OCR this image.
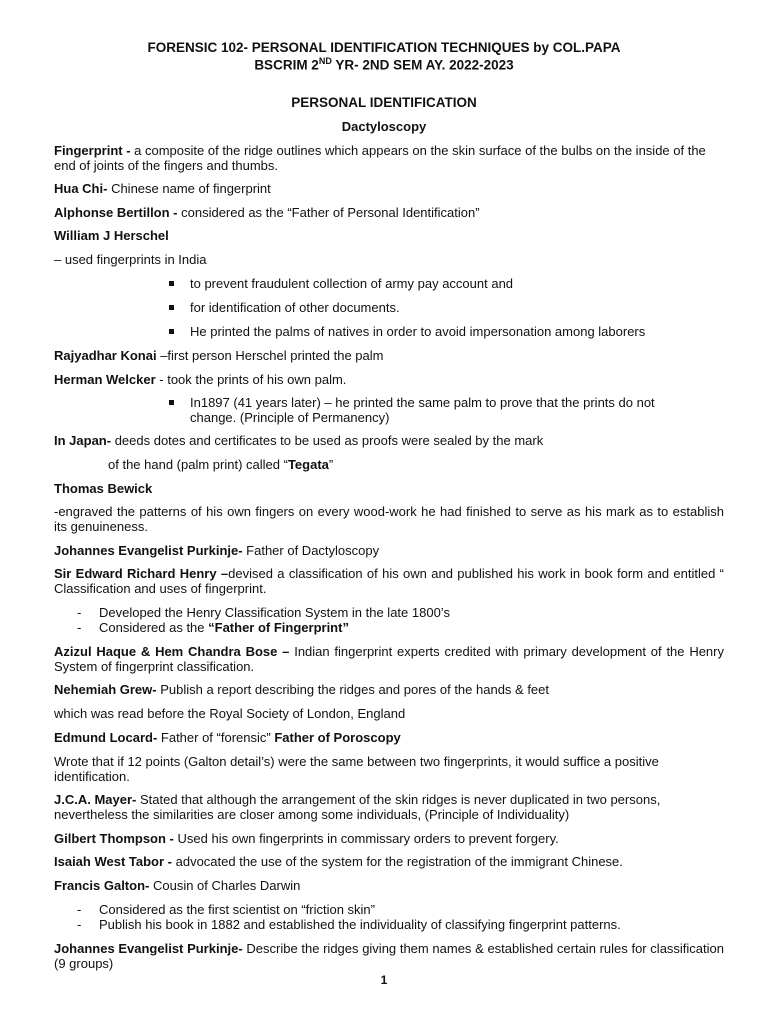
FORENSIC 102- PERSONAL IDENTIFICATION TECHNIQUES by COL.PAPA
BSCRIM 2ND YR- 2ND SEM AY. 2022-2023
PERSONAL IDENTIFICATION
Dactyloscopy
Fingerprint - a composite of the ridge outlines which appears on the skin surface of the bulbs on the inside of the end of joints of the fingers and thumbs.
Hua Chi- Chinese name of fingerprint
Alphonse Bertillon - considered as the “Father of Personal Identification”
William J Herschel
– used fingerprints in India
to prevent fraudulent collection of army pay account and
for identification of other documents.
He printed the palms of natives in order to avoid impersonation among laborers
Rajyadhar Konai –first person Herschel printed the palm
Herman Welcker - took the prints of his own palm.
In1897 (41 years later) – he printed the same palm to prove that the prints do not
change. (Principle of Permanency)
In Japan- deeds dotes and certificates to be used as proofs were sealed by the mark
of the hand (palm print) called “Tegata”
Thomas Bewick
-engraved the patterns of his own fingers on every wood-work he had finished to serve as his mark as to establish its genuineness.
Johannes Evangelist Purkinje- Father of Dactyloscopy
Sir Edward Richard Henry –devised a classification of his own and published his work in book form and entitled “ Classification and uses of fingerprint.
- Developed the Henry Classification System in the late 1800’s
- Considered as the “Father of Fingerprint”
Azizul Haque & Hem Chandra Bose – Indian fingerprint experts credited with primary development of the Henry System of fingerprint classification.
Nehemiah Grew- Publish a report describing the ridges and pores of the hands & feet
which was read before the Royal Society of London, England
Edmund Locard- Father of “forensic” Father of Poroscopy
Wrote that if 12 points (Galton detail’s) were the same between two fingerprints, it would suffice a positive identification.
J.C.A. Mayer- Stated that although the arrangement of the skin ridges is never duplicated in two persons, nevertheless the similarities are closer among some individuals, (Principle of Individuality)
Gilbert Thompson - Used his own fingerprints in commissary orders to prevent forgery.
Isaiah West Tabor - advocated the use of the system for the registration of the immigrant Chinese.
Francis Galton- Cousin of Charles Darwin
- Considered as the first scientist on “friction skin”
- Publish his book in 1882 and established the individuality of classifying fingerprint patterns.
Johannes Evangelist Purkinje- Describe the ridges giving them names & established certain rules for classification (9 groups)
1
